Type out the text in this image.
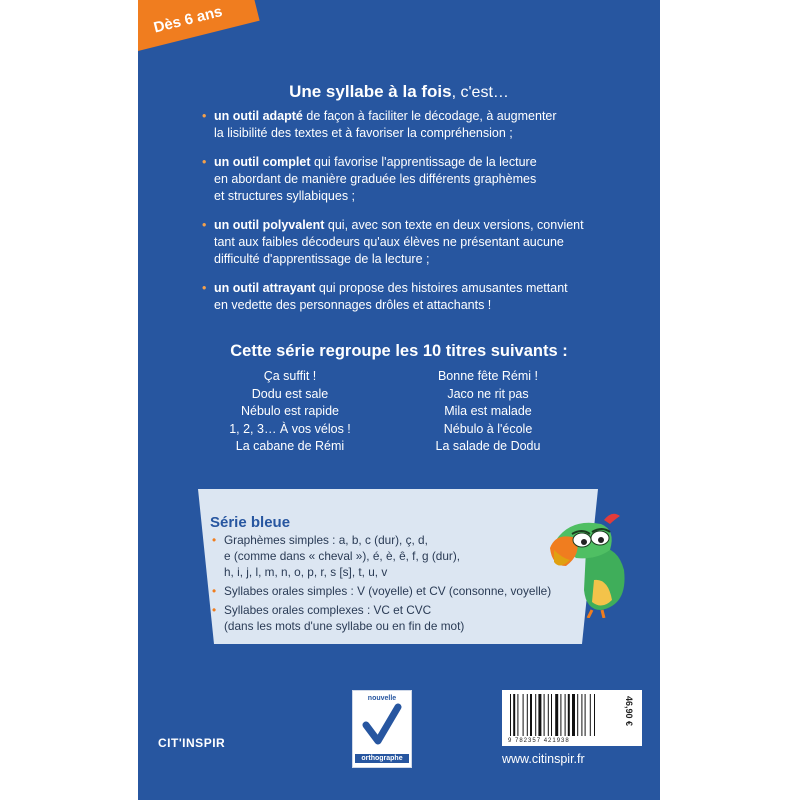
Dès 6 ans
Une syllabe à la fois, c'est…
• un outil adapté de façon à faciliter le décodage, à augmenter
la lisibilité des textes et à favoriser la compréhension ;
• un outil complet qui favorise l'apprentissage de la lecture
en abordant de manière graduée les différents graphèmes
et structures syllabiques ;
• un outil polyvalent qui, avec son texte en deux versions, convient
tant aux faibles décodeurs qu'aux élèves ne présentant aucune
difficulté d'apprentissage de la lecture ;
• un outil attrayant qui propose des histoires amusantes mettant
en vedette des personnages drôles et attachants !
Cette série regroupe les 10 titres suivants :
Ça suffit !
Dodu est sale
Nébulo est rapide
1, 2, 3… À vos vélos !
La cabane de Rémi
Bonne fête Rémi !
Jaco ne rit pas
Mila est malade
Nébulo à l'école
La salade de Dodu
Série bleue
• Graphèmes simples : a, b, c (dur), ç, d,
e (comme dans « cheval »), é, è, ê, f, g (dur),
h, i, j, l, m, n, o, p, r, s [s], t, u, v
• Syllabes orales simples : V (voyelle) et CV (consonne, voyelle)
• Syllabes orales complexes : VC et CVC
(dans les mots d'une syllabe ou en fin de mot)
nouvelle
orthographe
9 782357 421938
46,90 €
CIT'INSPIR
www.citinspir.fr
